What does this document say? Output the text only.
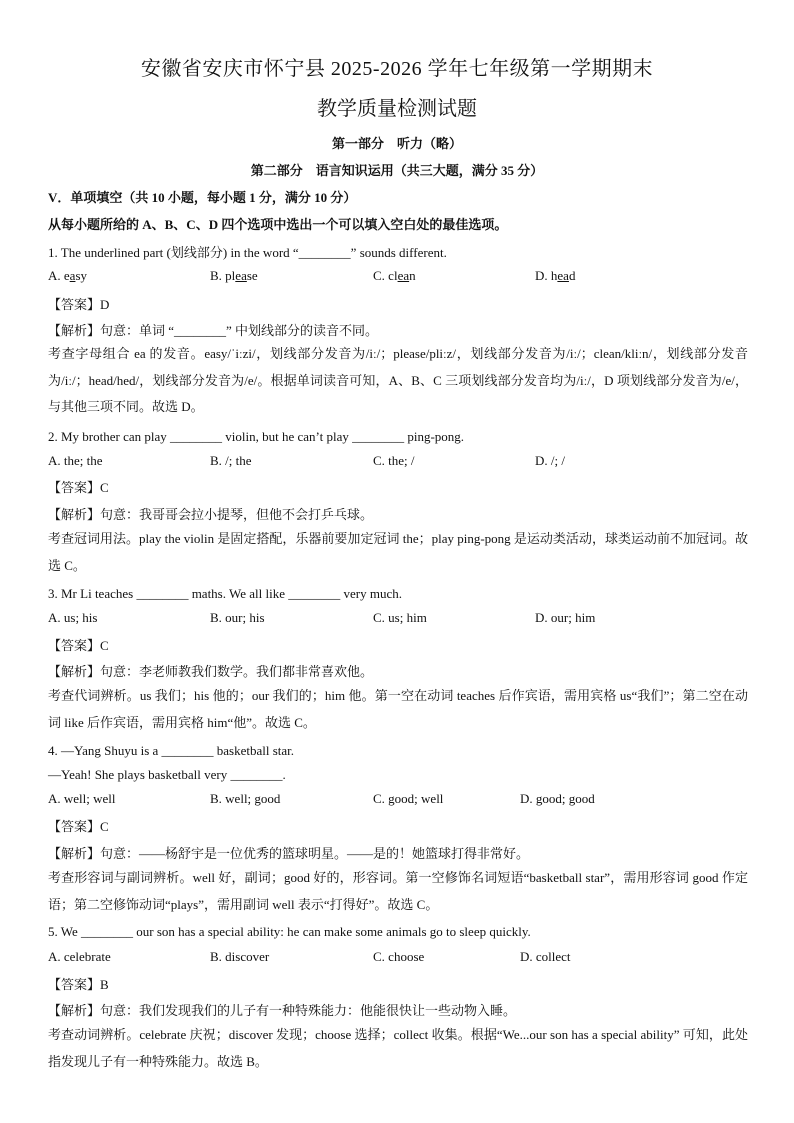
安徽省安庆市怀宁县 2025-2026 学年七年级第一学期期末
教学质量检测试题
第一部分　听力（略）
第二部分　语言知识运用（共三大题，满分 35 分）
V．单项填空（共 10 小题，每小题 1 分，满分 10 分）
从每小题所给的 A、B、C、D 四个选项中选出一个可以填入空白处的最佳选项。
1. The underlined part (划线部分) in the word “________” sounds different.
A. easy	B. please	C. clean	D. head
【答案】D
【解析】句意：单词 “________” 中划线部分的读音不同。
考查字母组合 ea 的发音。easy/ˈiːzi/，划线部分发音为/iː/；please/pliːz/，划线部分发音为/iː/；clean/kliːn/，划线部分发音为/iː/；head/hed/，划线部分发音为/e/。根据单词读音可知，A、B、C 三项划线部分发音均为/iː/，D 项划线部分发音为/e/，与其他三项不同。故选 D。
2. My brother can play ________ violin, but he can’t play ________ ping-pong.
A. the; the	B. /; the	C. the; /	D. /; /
【答案】C
【解析】句意：我哥哥会拉小提琴，但他不会打乒乓球。
考查冠词用法。play the violin 是固定搭配，乐器前要加定冠词 the；play ping-pong 是运动类活动，球类运动前不加冠词。故选 C。
3. Mr Li teaches ________ maths. We all like ________ very much.
A. us; his	B. our; his	C. us; him	D. our; him
【答案】C
【解析】句意：李老师教我们数学。我们都非常喜欢他。
考查代词辨析。us 我们；his 他的；our 我们的；him 他。第一空在动词 teaches 后作宾语，需用宾格 us“我们”；第二空在动词 like 后作宾语，需用宾格 him“他”。故选 C。
4. —Yang Shuyu is a ________ basketball star.
—Yeah! She plays basketball very ________.
A. well; well	B. well; good	C. good; well	D. good; good
【答案】C
【解析】句意：——杨舒宇是一位优秀的篮球明星。——是的！她篮球打得非常好。
考查形容词与副词辨析。well 好，副词；good 好的，形容词。第一空修饰名词短语“basketball star”，需用形容词 good 作定语；第二空修饰动词“plays”，需用副词 well 表示“打得好”。故选 C。
5. We ________ our son has a special ability: he can make some animals go to sleep quickly.
A. celebrate	B. discover	C. choose	D. collect
【答案】B
【解析】句意：我们发现我们的儿子有一种特殊能力：他能很快让一些动物入睡。
考查动词辨析。celebrate 庆祝；discover 发现；choose 选择；collect 收集。根据“We...our son has a special ability” 可知，此处指发现儿子有一种特殊能力。故选 B。
